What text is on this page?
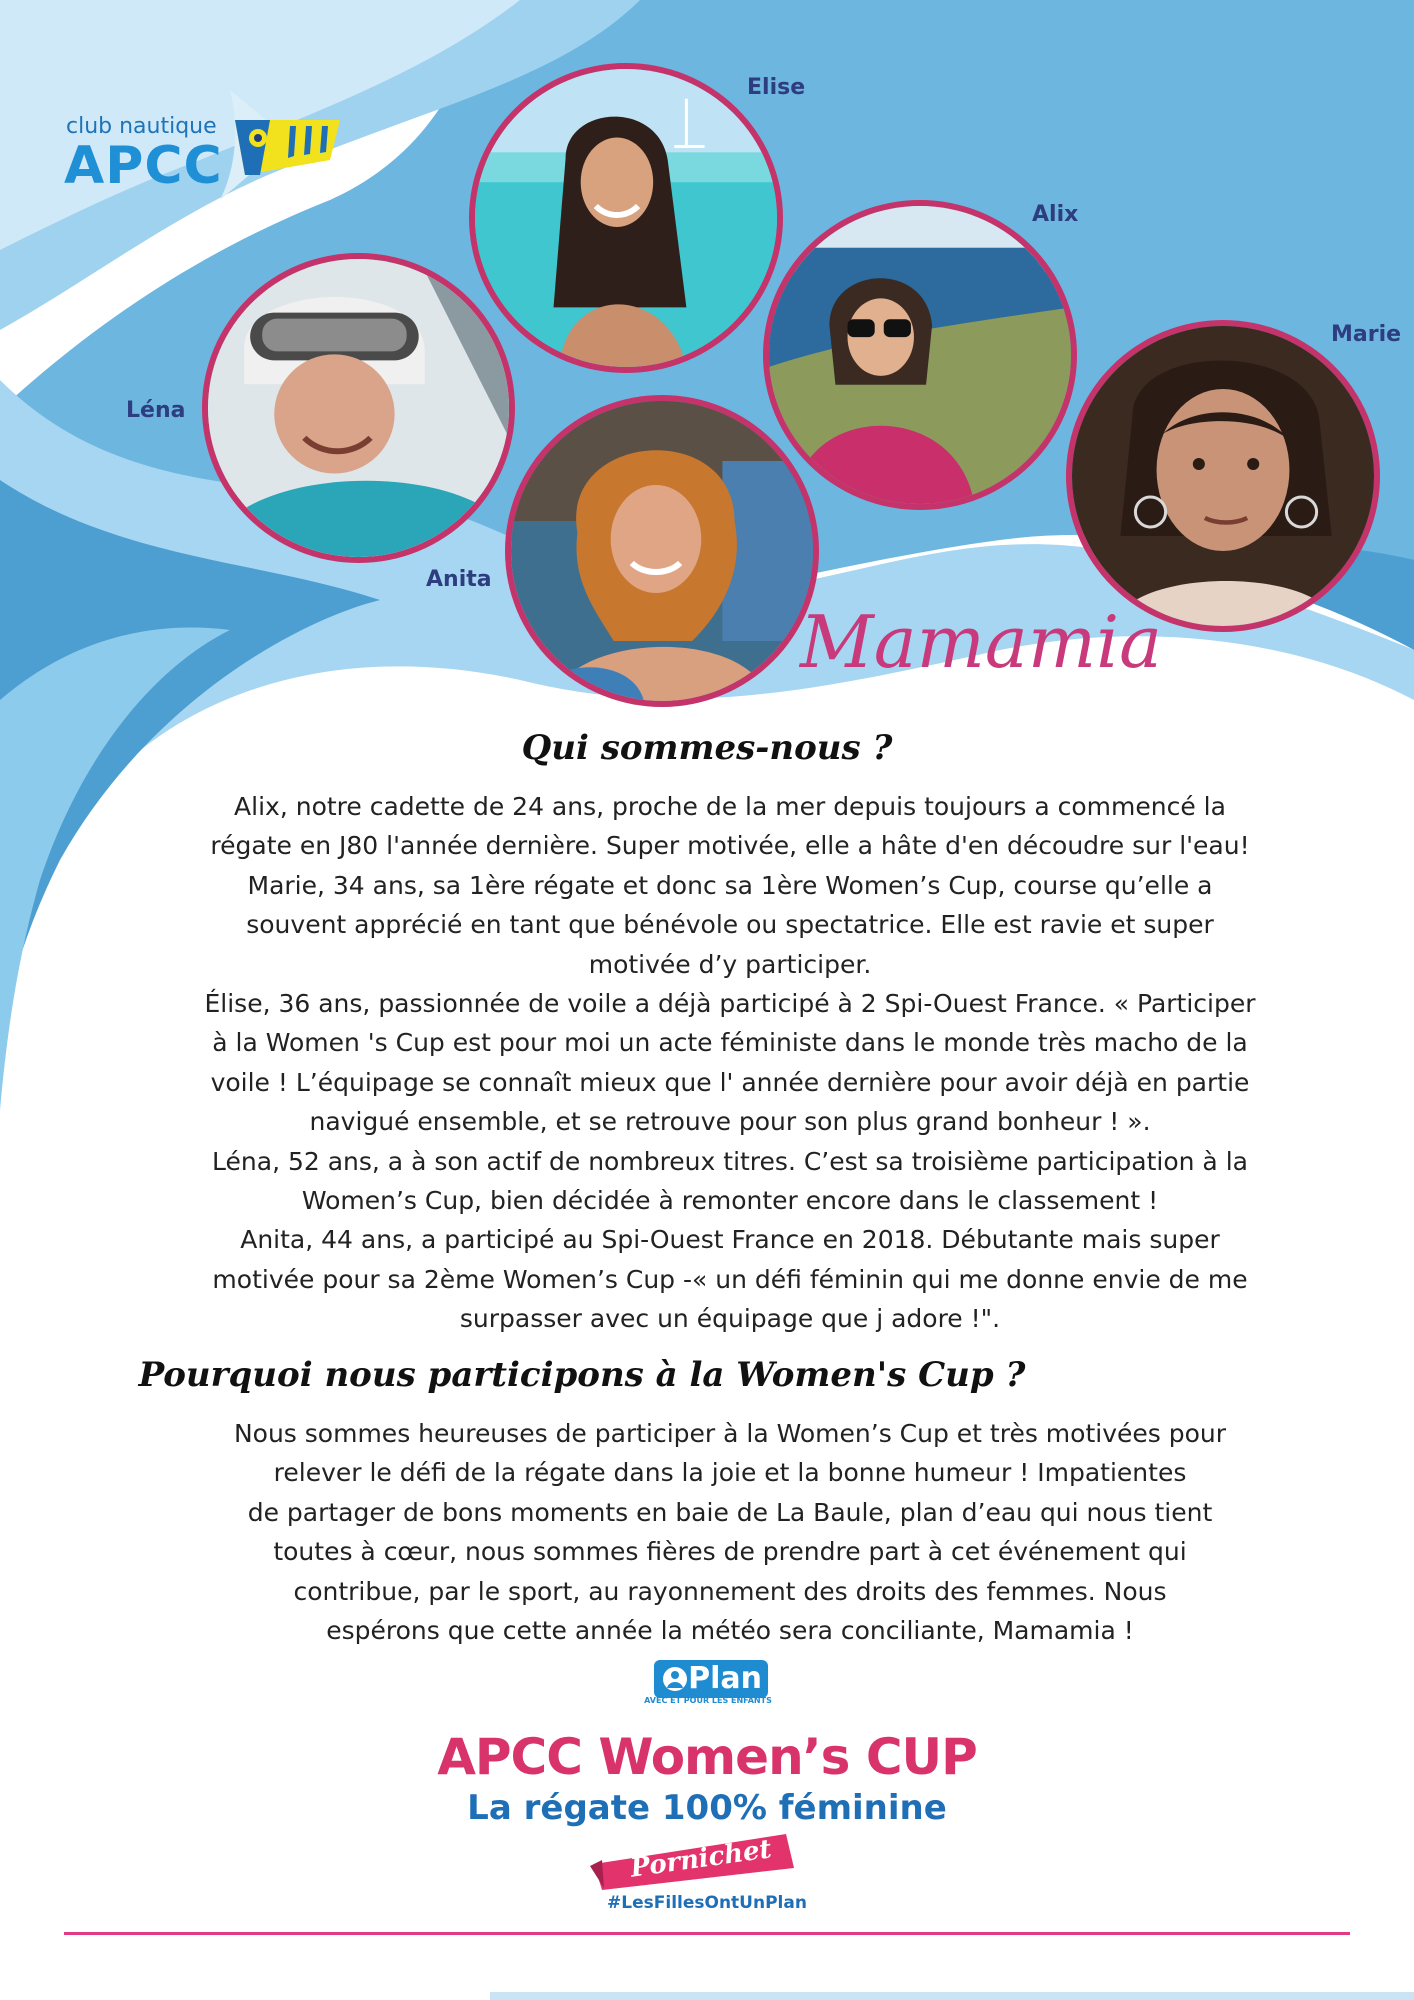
club nautique
APCC
Elise
Alix
Marie
Léna
Anita
Mamamia
Qui sommes-nous ?

Alix, notre cadette de 24 ans, proche de la mer depuis toujours a commencé la

régate en J80 l'année dernière. Super motivée, elle a hâte d'en découdre sur l'eau!

Marie, 34 ans, sa 1ère régate et donc sa 1ère Women’s Cup, course qu’elle a

souvent apprécié en tant que bénévole ou spectatrice. Elle est ravie et super

motivée d’y participer.

Élise, 36 ans, passionnée de voile a déjà participé à 2 Spi-Ouest France. « Participer

à la Women 's Cup est pour moi un acte féministe dans le monde très macho de la

voile ! L’équipage se connaît mieux que l' année dernière pour avoir déjà en partie

navigué ensemble, et se retrouve pour son plus grand bonheur ! ».

Léna, 52 ans, a à son actif de nombreux titres. C’est sa troisième participation à la

Women’s Cup, bien décidée à remonter encore dans le classement !

Anita, 44 ans, a participé au Spi-Ouest France en 2018. Débutante mais super

motivée pour sa 2ème Women’s Cup -« un défi féminin qui me donne envie de me

surpasser avec un équipage que j adore !".

Pourquoi nous participons à la Women's Cup ?

Nous sommes heureuses de participer à la Women’s Cup et très motivées pour

relever le défi de la régate dans la joie et la bonne humeur ! Impatientes

de partager de bons moments en baie de La Baule, plan d’eau qui nous tient

toutes à cœur, nous sommes fières de prendre part à cet événement qui

contribue, par le sport, au rayonnement des droits des femmes. Nous

espérons que cette année la météo sera conciliante, Mamamia !

Plan
AVEC ET POUR LES ENFANTS
APCC Women’s CUP
La régate 100% féminine
Pornichet
#LesFillesOntUnPlan
